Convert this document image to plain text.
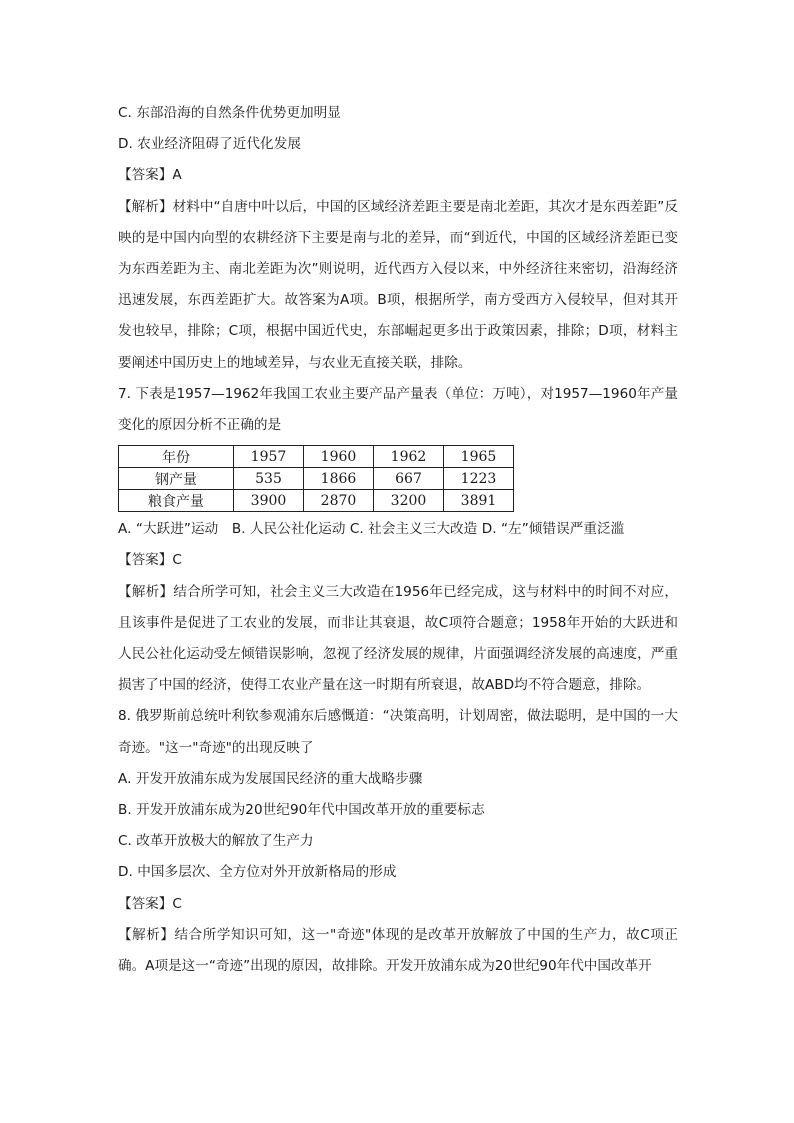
C. 东部沿海的自然条件优势更加明显
D. 农业经济阻碍了近代化发展
【答案】A
【解析】材料中“自唐中叶以后，中国的区域经济差距主要是南北差距，其次才是东西差距”反映的是中国内向型的农耕经济下主要是南与北的差异，而“到近代，中国的区域经济差距已变为东西差距为主、南北差距为次”则说明，近代西方入侵以来，中外经济往来密切，沿海经济迅速发展，东西差距扩大。故答案为A项。B项，根据所学，南方受西方入侵较早，但对其开发也较早，排除；C项，根据中国近代史，东部崛起更多出于政策因素，排除；D项，材料主要阐述中国历史上的地域差异，与农业无直接关联，排除。
7. 下表是1957—1962年我国工农业主要产品产量表（单位：万吨），对1957—1960年产量变化的原因分析不正确的是
年份	1957	1960	1962	1965
钢产量	535	1866	667	1223
粮食产量	3900	2870	3200	3891
A. “大跃进”运动　B. 人民公社化运动 C. 社会主义三大改造 D. “左”倾错误严重泛滥
【答案】C
【解析】结合所学可知，社会主义三大改造在1956年已经完成，这与材料中的时间不对应，且该事件是促进了工农业的发展，而非让其衰退，故C项符合题意；1958年开始的大跃进和人民公社化运动受左倾错误影响，忽视了经济发展的规律，片面强调经济发展的高速度，严重损害了中国的经济，使得工农业产量在这一时期有所衰退，故ABD均不符合题意，排除。
8. 俄罗斯前总统叶利钦参观浦东后感慨道：“决策高明，计划周密，做法聪明，是中国的一大奇迹。"这一"奇迹"的出现反映了
A. 开发开放浦东成为发展国民经济的重大战略步骤
B. 开发开放浦东成为20世纪90年代中国改革开放的重要标志
C. 改革开放极大的解放了生产力
D. 中国多层次、全方位对外开放新格局的形成
【答案】C
【解析】结合所学知识可知，这一"奇迹"体现的是改革开放解放了中国的生产力，故C项正确。A项是这一“奇迹”出现的原因，故排除。开发开放浦东成为20世纪90年代中国改革开
